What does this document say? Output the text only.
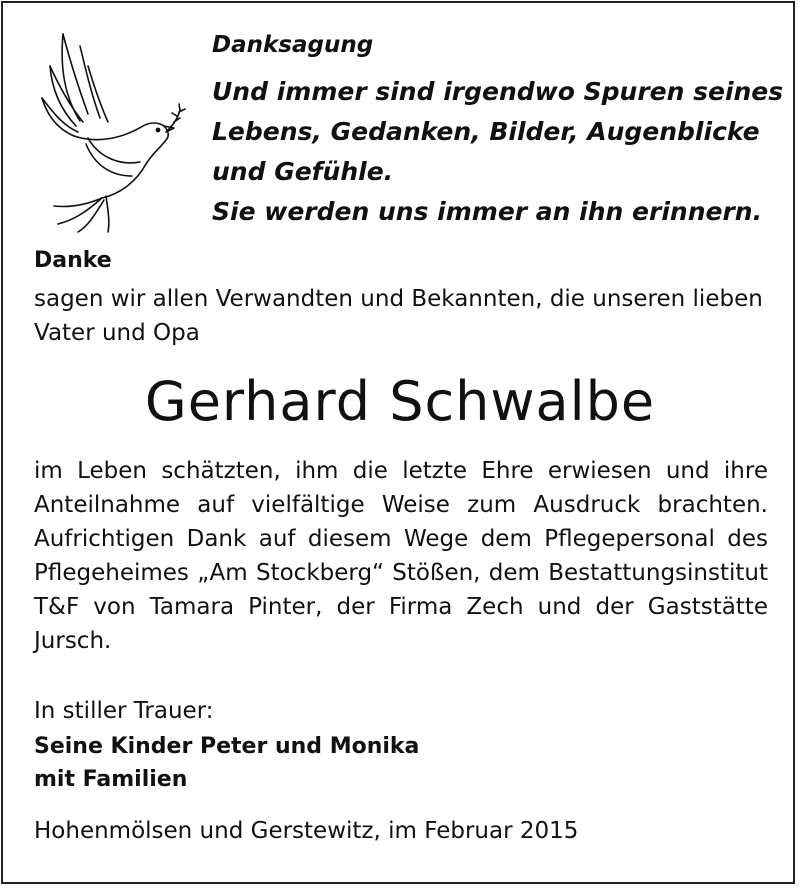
Danksagung
Und immer sind irgendwo Spuren seines
Lebens, Gedanken, Bilder, Augenblicke
und Gefühle.
Sie werden uns immer an ihn erinnern.
Danke
sagen wir allen Verwandten und Bekannten, die unseren lieben Vater und Opa
Gerhard Schwalbe
im Leben schätzten, ihm die letzte Ehre erwiesen und ihre Anteilnahme auf vielfältige Weise zum Ausdruck brachten. Aufrichtigen Dank auf diesem Wege dem Pflegepersonal des Pflegeheimes „Am Stockberg“ Stößen, dem Bestattungsinstitut T&F von Tamara Pinter, der Firma Zech und der Gaststätte Jursch.
In stiller Trauer:
Seine Kinder Peter und Monika
mit Familien
Hohenmölsen und Gerstewitz, im Februar 2015
